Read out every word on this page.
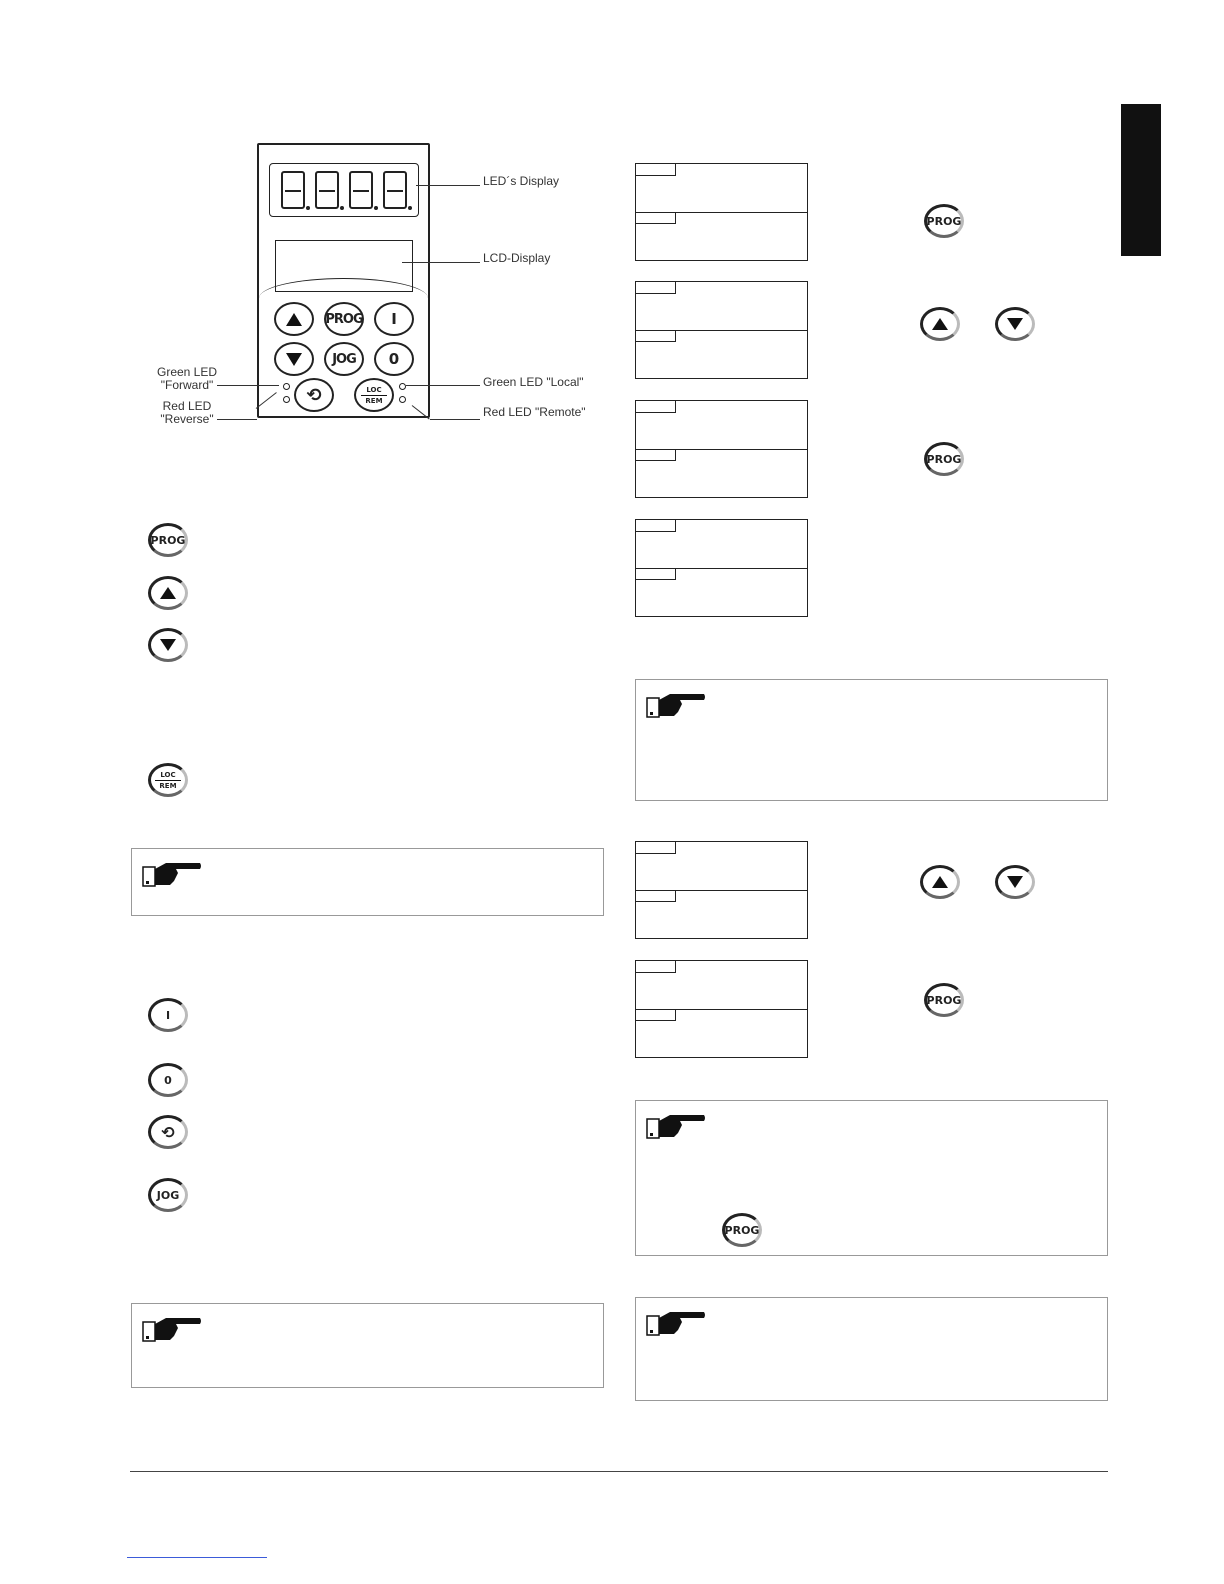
PROG	I
JOG	0
⟲	LOC
REM
LED´s Display
LCD-Display
Green LED
"Forward"
Red LED
"Reverse"
Green LED "Local"
Red LED "Remote"
PROG
LOC
REM
I
0
⟲
JOG
PROG
PROG
PROG
PROG
